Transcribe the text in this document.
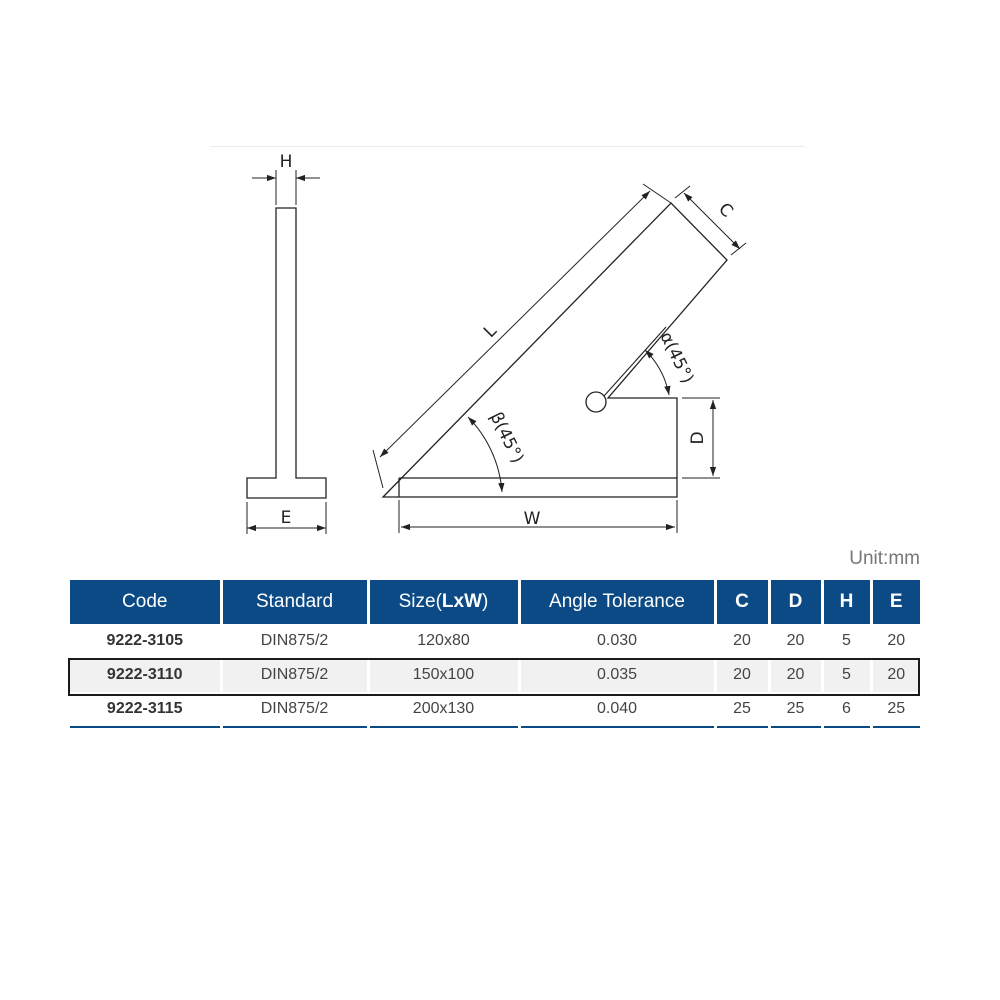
H
E
L
C
D
W
β(45°)
α(45°)
Unit:mm
Code	Standard	Size(LxW)	Angle Tolerance	C	D	H	E
9222-3105	DIN875/2	120x80	0.030	20	20	5	20
9222-3110	DIN875/2	150x100	0.035	20	20	5	20
9222-3115	DIN875/2	200x130	0.040	25	25	6	25
